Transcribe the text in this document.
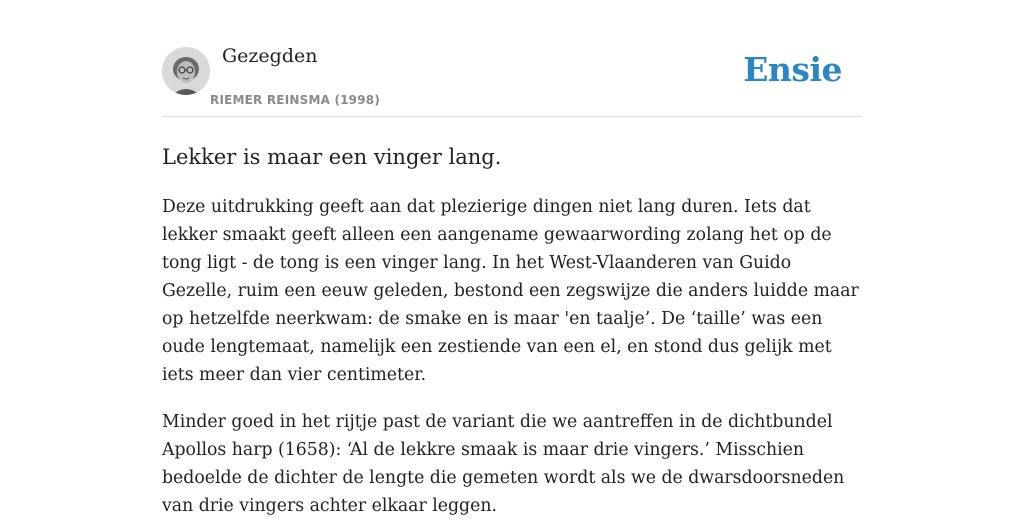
Gezegden
RIEMER REINSMA (1998)
Ensie
Lekker is maar een vinger lang.

Deze uitdrukking geeft aan dat plezierige dingen niet lang duren. Iets dat lekker smaakt geeft alleen een aangename gewaarwording zolang het op de tong ligt - de tong is een vinger lang. In het West-Vlaanderen van Guido Gezelle, ruim een eeuw geleden, bestond een zegswijze die anders luidde maar op hetzelfde neerkwam: de smake en is maar 'en taalje’. De ‘taille’ was een oude lengtemaat, namelijk een zestiende van een el, en stond dus gelijk met iets meer dan vier centimeter.

Minder goed in het rijtje past de variant die we aantreffen in de dichtbundel Apollos harp (1658): ‘Al de lekkre smaak is maar drie vingers.’ Misschien bedoelde de dichter de lengte die gemeten wordt als we de dwarsdoorsneden van drie vingers achter elkaar leggen.
